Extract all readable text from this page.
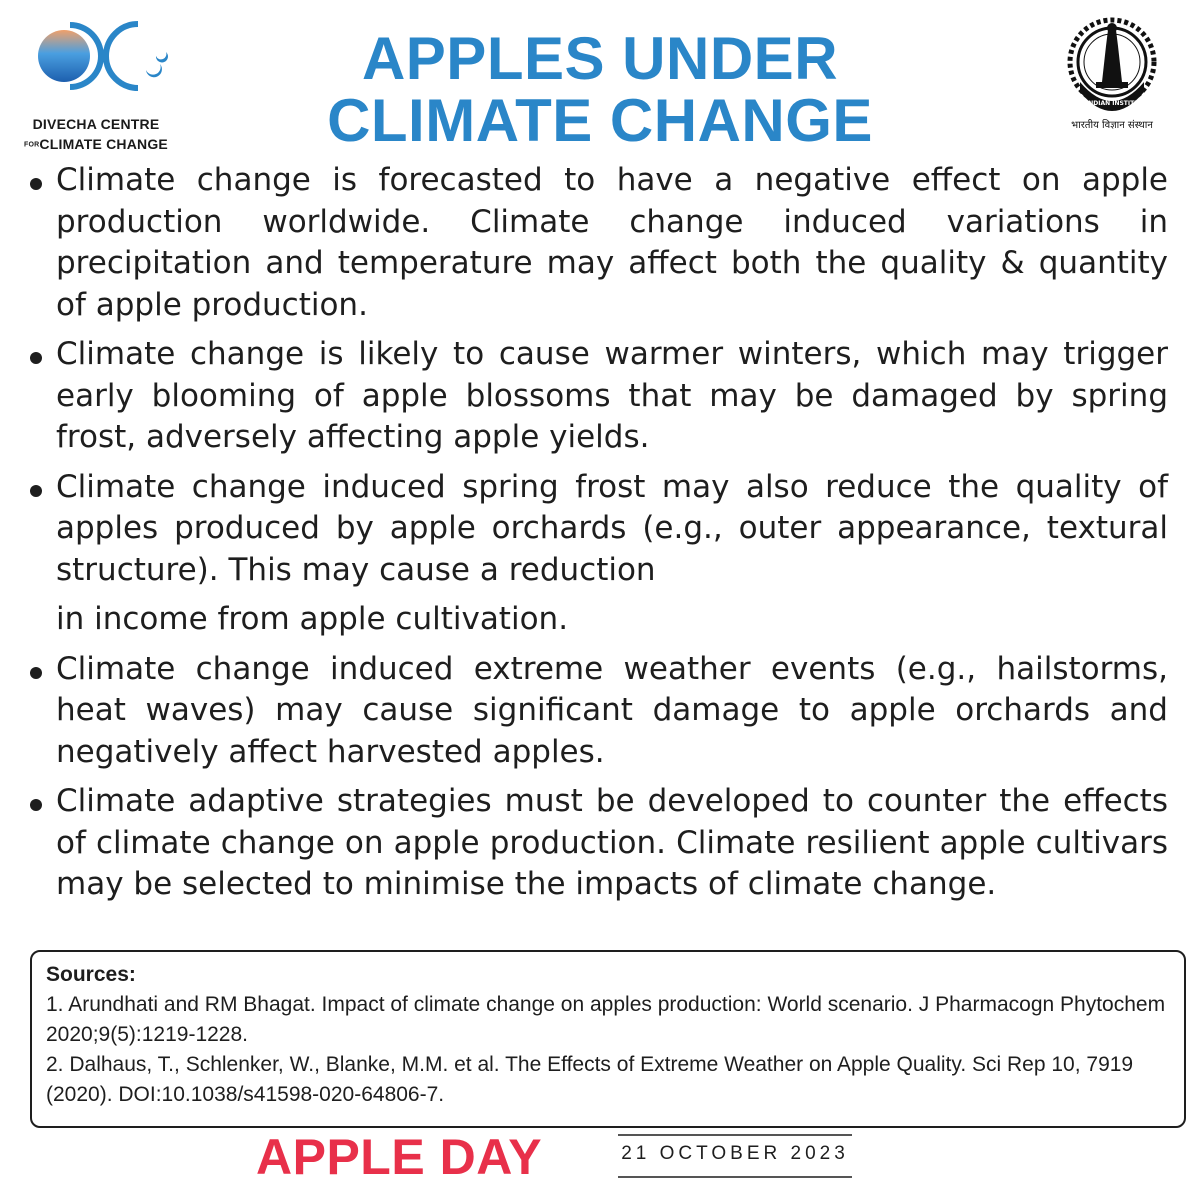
DIVECHA CENTRE
FORCLIMATE CHANGE
APPLES UNDER
CLIMATE CHANGE	INDIAN INSTITUTE OF SCIENCE
भारतीय विज्ञान संस्थान
Climate change is forecasted to have a negative effect on apple production worldwide. Climate change induced variations in precipitation and temperature may affect both the quality & quantity of apple production.
Climate change is likely to cause warmer winters, which may trigger early blooming of apple blossoms that may be damaged by spring frost, adversely affecting apple yields.
Climate change induced spring frost may also reduce the quality of apples produced by apple orchards (e.g., outer appearance, textural structure). This may cause a reduction
in income from apple cultivation.
Climate change induced extreme weather events (e.g., hailstorms, heat waves) may cause significant damage to apple orchards and negatively affect harvested apples.
Climate adaptive strategies must be developed to counter the effects of climate change on apple production. Climate resilient apple cultivars may be selected to minimise the impacts of climate change.
Sources:
1. Arundhati and RM Bhagat. Impact of climate change on apples production: World scenario. J Pharmacogn Phytochem 2020;9(5):1219-1228.
2. Dalhaus, T., Schlenker, W., Blanke, M.M. et al. The Effects of Extreme Weather on Apple Quality. Sci Rep 10, 7919 (2020). DOI:10.1038/s41598-020-64806-7.
APPLE DAY	21 OCTOBER 2023
